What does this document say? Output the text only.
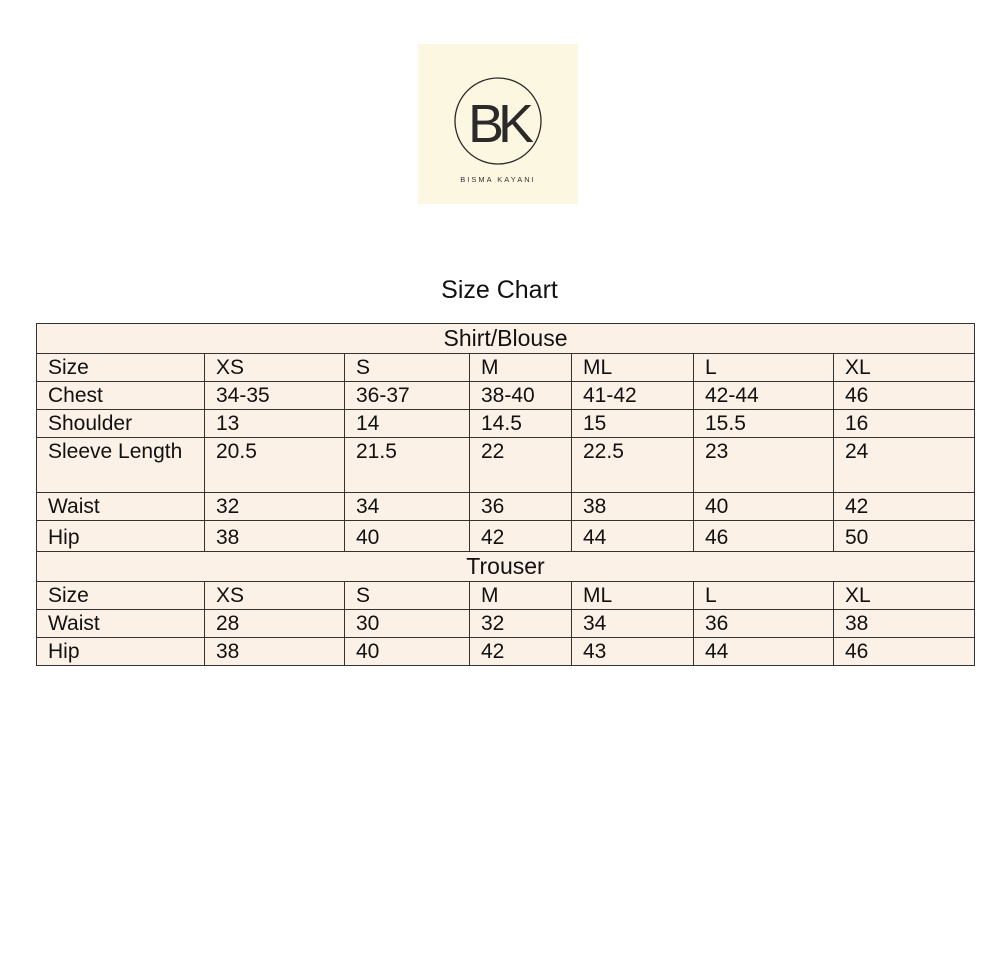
BK
BISMA KAYANI
Size Chart
Shirt/Blouse						
Size	XS	S	M	ML	L	XL
Chest	34-35	36-37	38-40	41-42	42-44	46
Shoulder	13	14	14.5	15	15.5	16
Sleeve Length	20.5	21.5	22	22.5	23	24
Waist	32	34	36	38	40	42
Hip	38	40	42	44	46	50
Trouser						
Size	XS	S	M	ML	L	XL
Waist	28	30	32	34	36	38
Hip	38	40	42	43	44	46
